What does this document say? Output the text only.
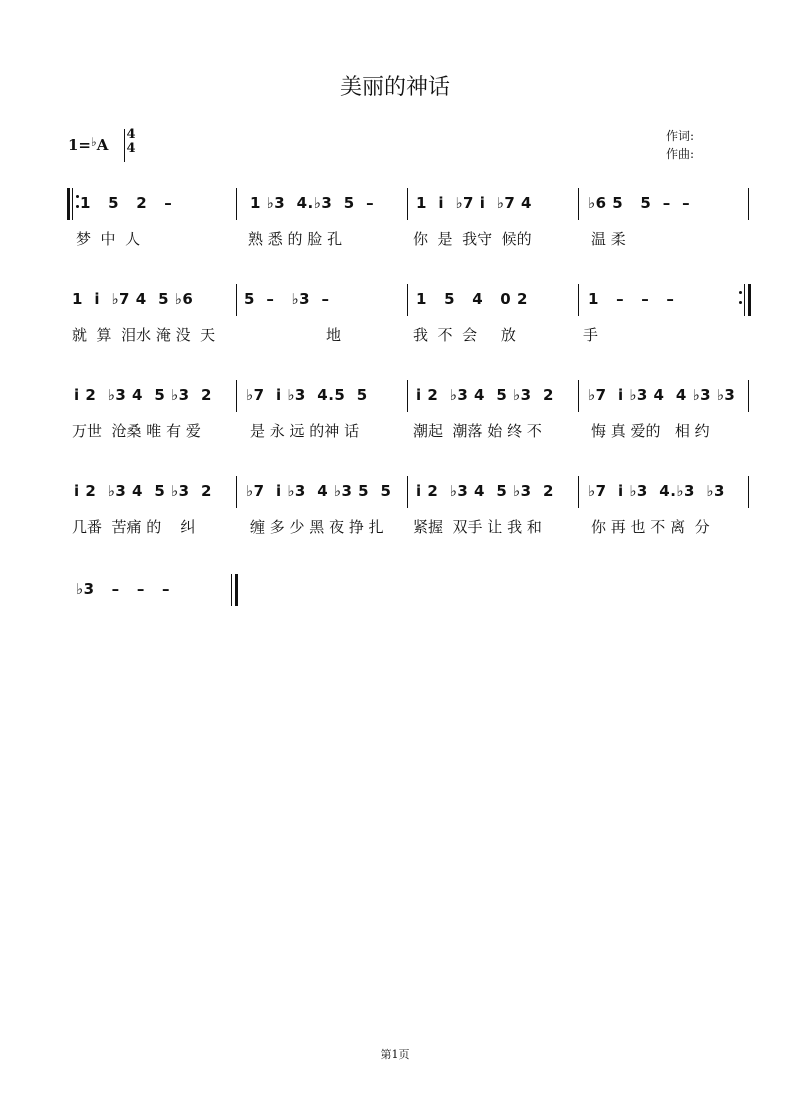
美丽的神话
1=♭A
4
4
作词:
作曲:
1   5   2   –
梦  中  人
1 ♭3  4.♭3  5  –
熟 悉 的 脸 孔
1  i  ♭7 i  ♭7 4
你  是  我守  候的
♭6 5   5  –  –
温 柔
1  i  ♭7 4  5 ♭6
就  算  泪水 淹 没  天
5  –   ♭3  –
地
1   5   4   0 2
我  不  会     放
1   –   –   –
手
i 2  ♭3 4  5 ♭3  2
万世  沧桑 唯 有 爱
♭7  i ♭3  4.5  5
是 永 远 的神 话
i 2  ♭3 4  5 ♭3  2
潮起  潮落 始 终 不
♭7  i ♭3 4  4 ♭3 ♭3
悔 真 爱的   相 约
i 2  ♭3 4  5 ♭3  2
几番  苦痛 的    纠
♭7  i ♭3  4 ♭3 5  5
缠 多 少 黑 夜 挣 扎
i 2  ♭3 4  5 ♭3  2
紧握  双手 让 我 和
♭7  i ♭3  4.♭3  ♭3
你 再 也 不 离  分
♭3   –   –   –
第1页
